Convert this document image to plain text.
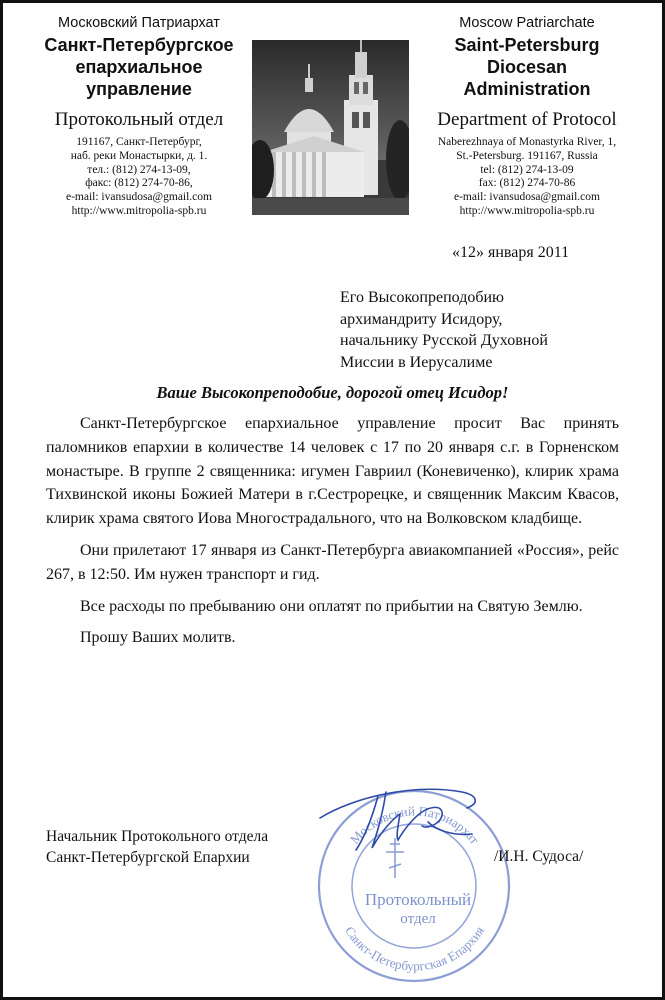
Московский Патриархат
Санкт-Петербургское
епархиальное
управление
Протокольный отдел
191167, Санкт-Петербург,
наб. реки Монастырки, д. 1.
тел.: (812) 274-13-09,
факс: (812) 274-70-86,
e-mail: ivansudosa@gmail.com
http://www.mitropolia-spb.ru
Moscow Patriarchate
Saint-Petersburg
Diocesan
Administration
Department of Protocol
Naberezhnaya of Monastyrka River, 1,
St.-Petersburg. 191167, Russia
tel: (812) 274-13-09
fax: (812) 274-70-86
e-mail: ivansudosa@gmail.com
http://www.mitropolia-spb.ru
«12» января 2011
Его Высокопреподобию
архимандриту Исидору,
начальнику Русской Духовной
Миссии в Иерусалиме
Ваше Высокопреподобие, дорогой отец Исидор!

Санкт-Петербургское епархиальное управление просит Вас принять паломников епархии в количестве 14 человек с 17 по 20 января с.г. в Горненском монастыре. В группе 2 священника: игумен Гавриил (Коневиченко), клирик храма Тихвинской иконы Божией Матери в г.Сестрорецке, и священник Максим Квасов, клирик храма святого Иова Многострадального, что на Волковском кладбище.

Они прилетают 17 января из Санкт-Петербурга авиакомпанией «Россия», рейс 267, в 12:50. Им нужен транспорт и гид.

Все расходы по пребыванию они оплатят по прибытии на Святую Землю.

Прошу Ваших молитв.

Начальник Протокольного отдела
Санкт-Петербургской Епархии
Московский Патриархат
Санкт-Петербургская Епархия
Протокольный
отдел
/И.Н. Судоса/
